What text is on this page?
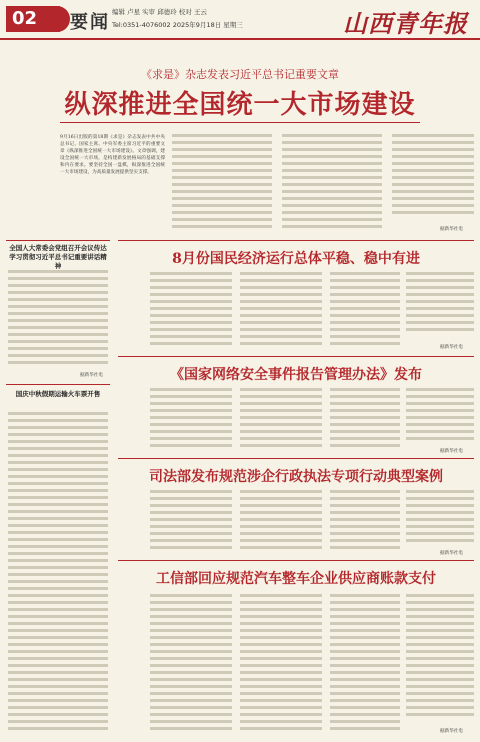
02	要闻 编辑 卢星 实审 邱德玲 校对 王云
Tel:0351-4076002 2025年9月18日 星期三	山西青年报
《求是》杂志发表习近平总书记重要文章
纵深推进全国统一大市场建设
9月16日出版的第18期《求是》杂志发表中共中央总书记、国家主席、中央军委主席习近平的重要文章《纵深推进全国统一大市场建设》。文章强调，建设全国统一大市场，是构建新发展格局的基础支撑和内在要求。要坚持全国一盘棋，纵深推进全国统一大市场建设，为高质量发展提供坚实支撑。
据新华社电
全国人大常委会党组召开会议传达学习贯彻习近平总书记重要讲话精神
据新华社电
国庆中秋假期运输火车票开售
8月份国民经济运行总体平稳、稳中有进
据新华社电
《国家网络安全事件报告管理办法》发布
据新华社电
司法部发布规范涉企行政执法专项行动典型案例
据新华社电
工信部回应规范汽车整车企业供应商账款支付
据新华社电
